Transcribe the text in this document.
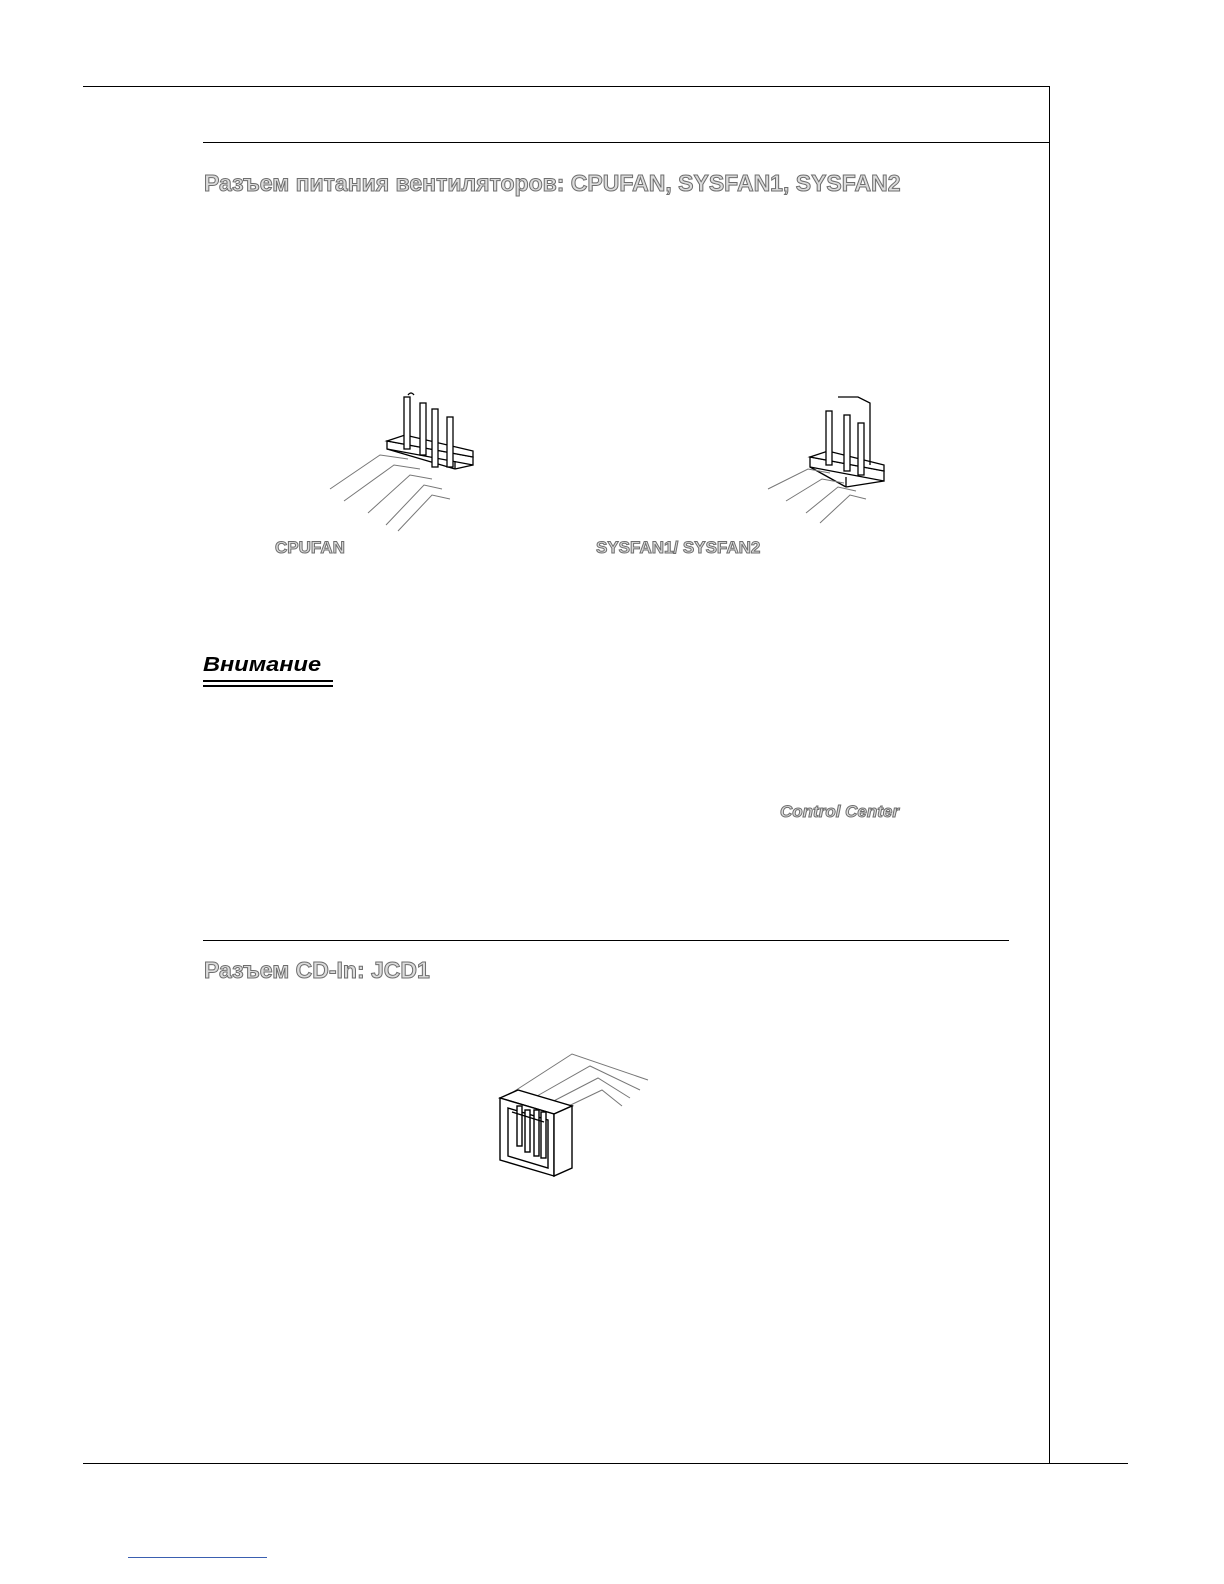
Разъем питания вентиляторов: CPUFAN, SYSFAN1, SYSFAN2

CPUFAN	SYSFAN1/ SYSFAN2

Внимание

Control Center

Разъем CD-In: JCD1
